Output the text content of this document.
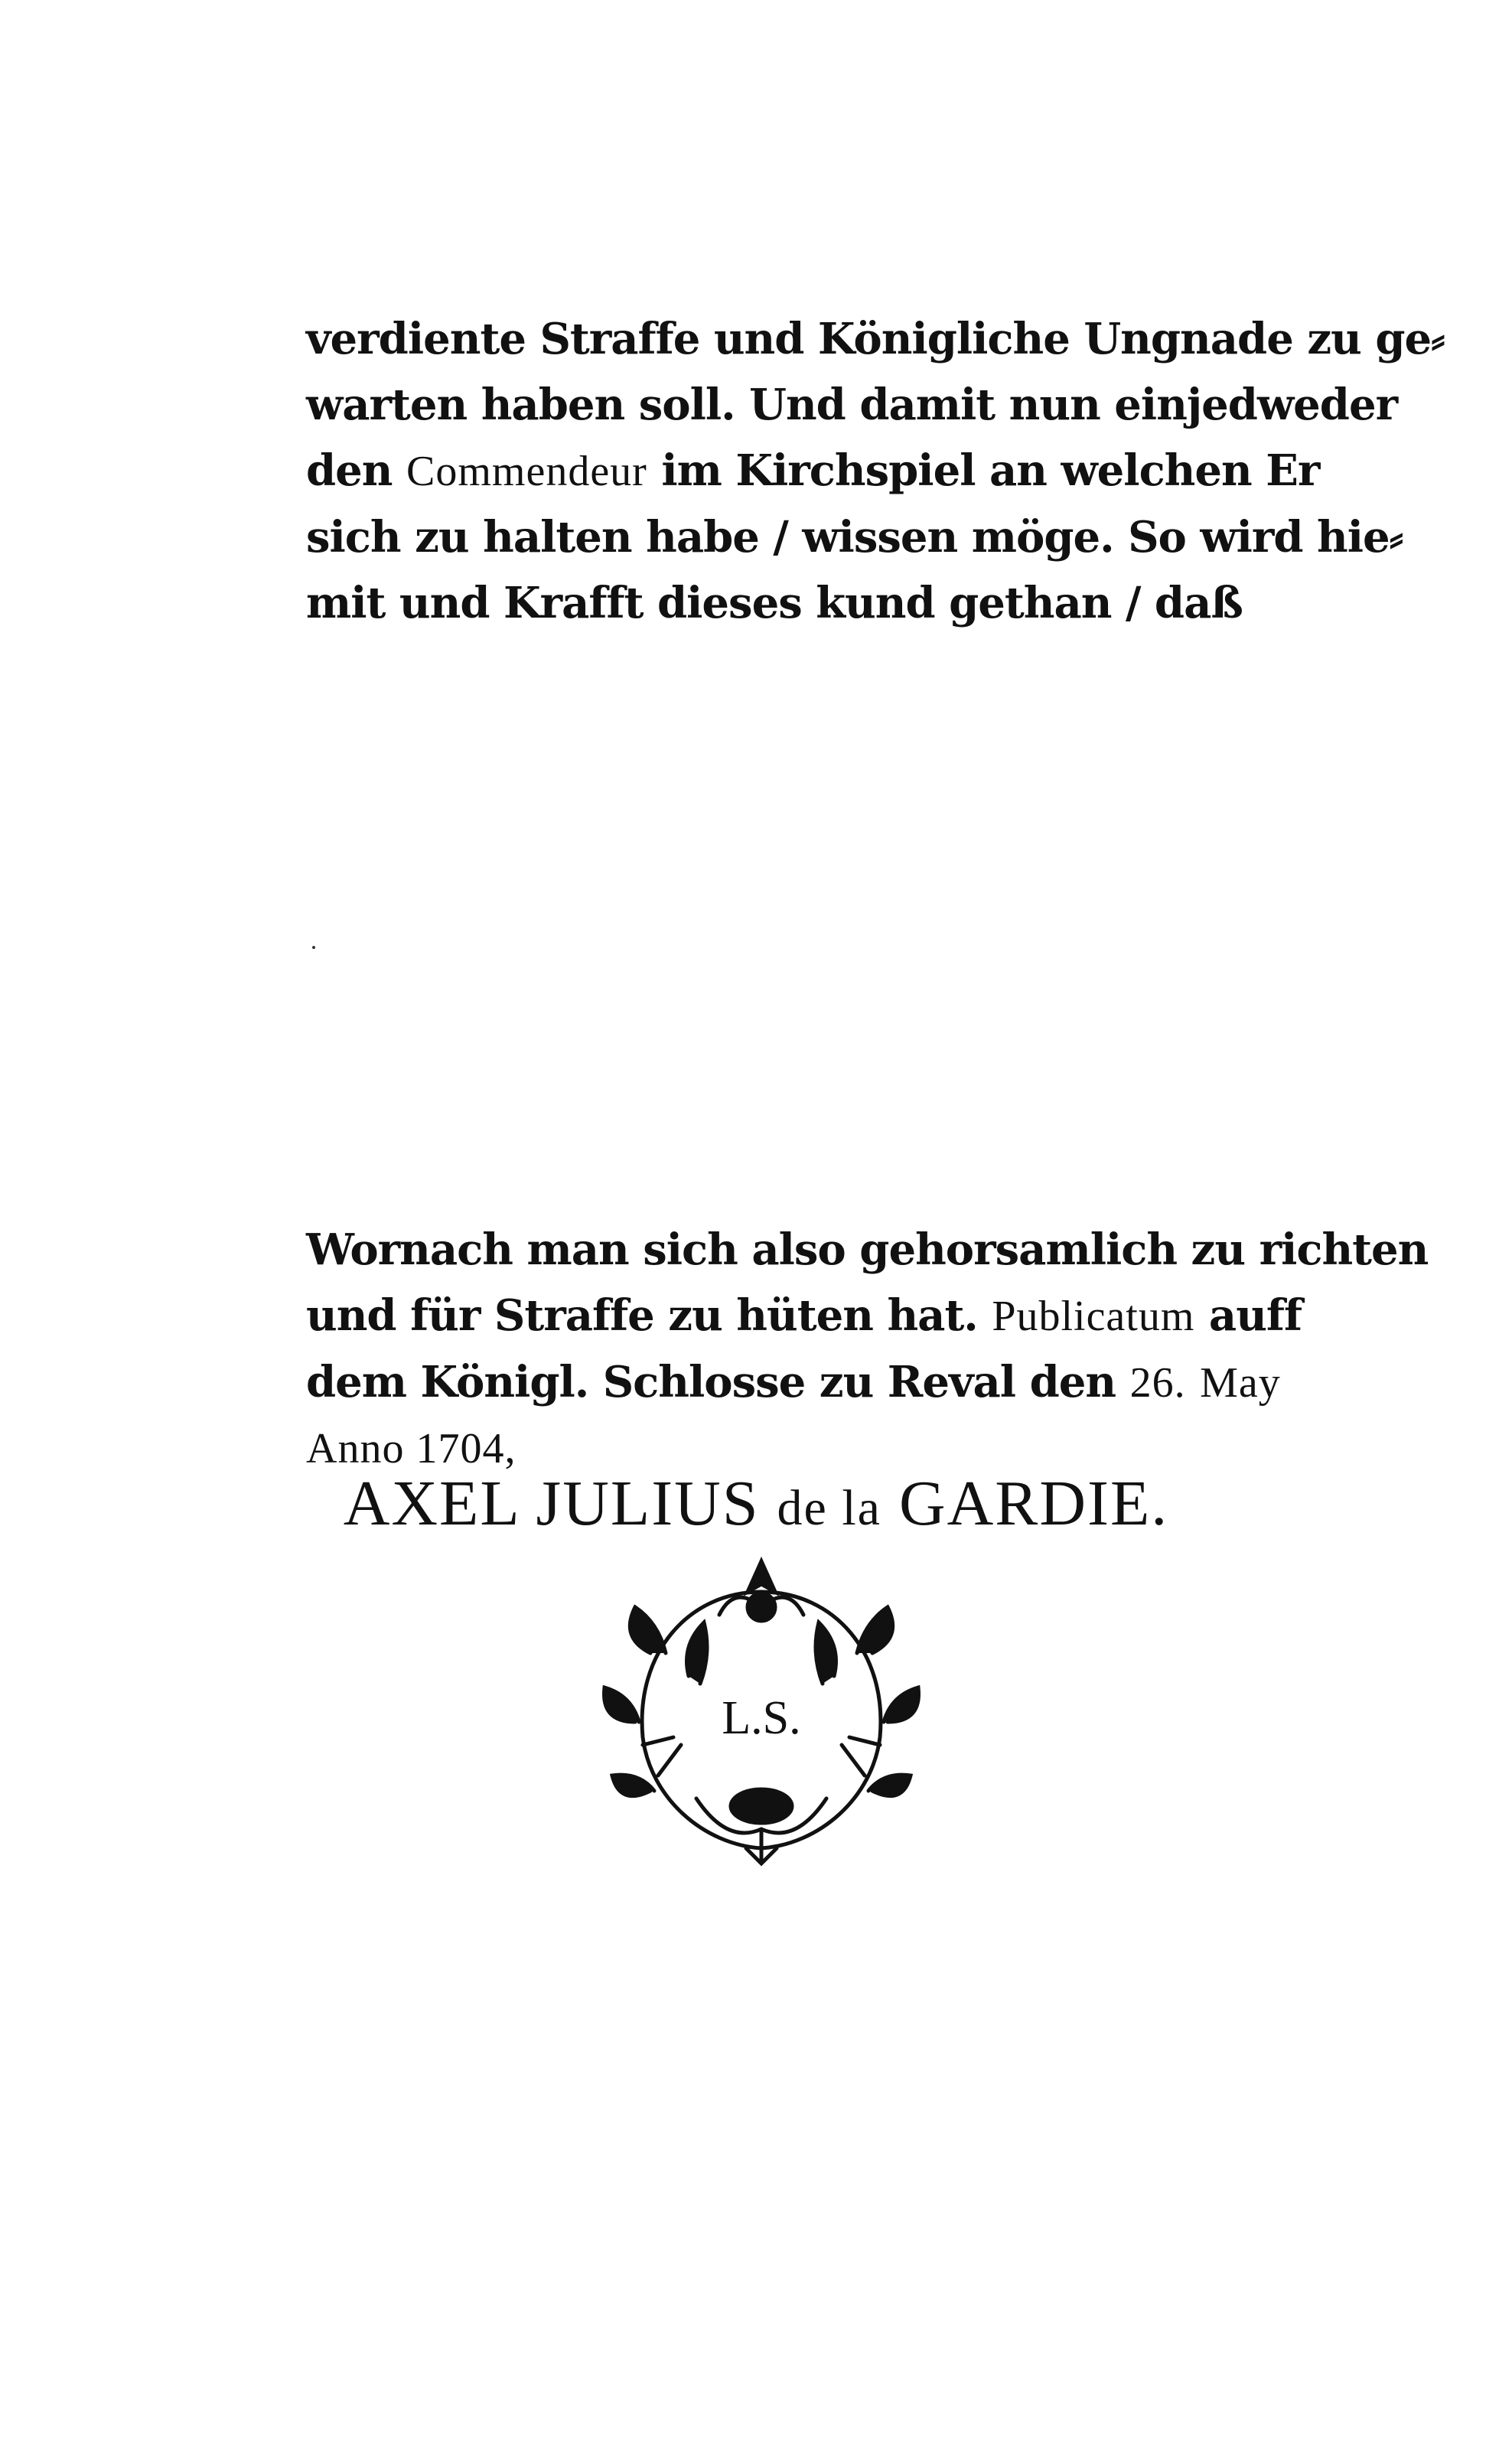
verdiente Straffe und Königliche Ungnade zu ge⸗
warten haben soll. Und damit nun einjedweder
den Commendeur im Kirchspiel an welchen Er
sich zu halten habe / wissen möge. So wird hie⸗
mit und Krafft dieses kund gethan / daß
Wornach man sich also gehorsamlich zu richten
und für Straffe zu hüten hat. Publicatum auff
dem Königl. Schlosse zu Reval den 26. May
Anno 1704,
AXEL JULIUS de la GARDIE.
L.S.
